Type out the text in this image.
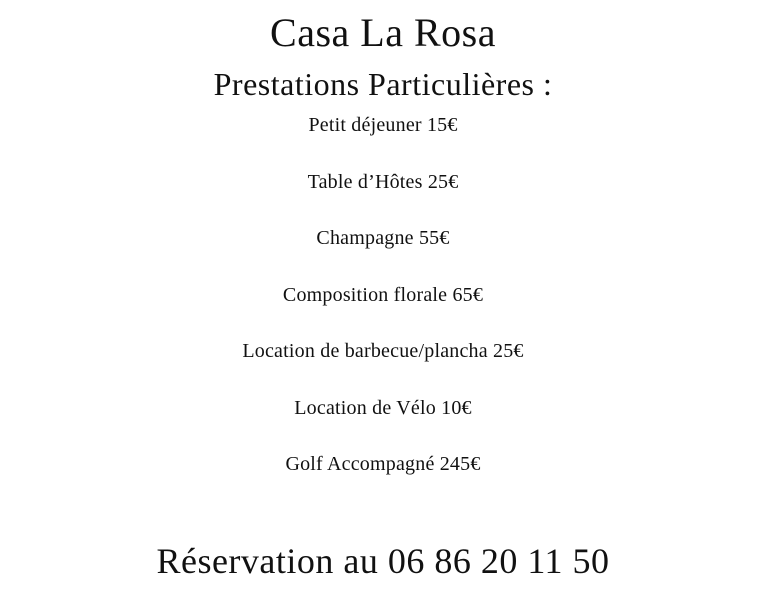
Casa La Rosa
Prestations Particulières :
Petit déjeuner 15€
Table d’Hôtes 25€
Champagne 55€
Composition florale 65€
Location de barbecue/plancha 25€
Location de Vélo 10€
Golf Accompagné 245€
Réservation au 06 86 20 11 50
